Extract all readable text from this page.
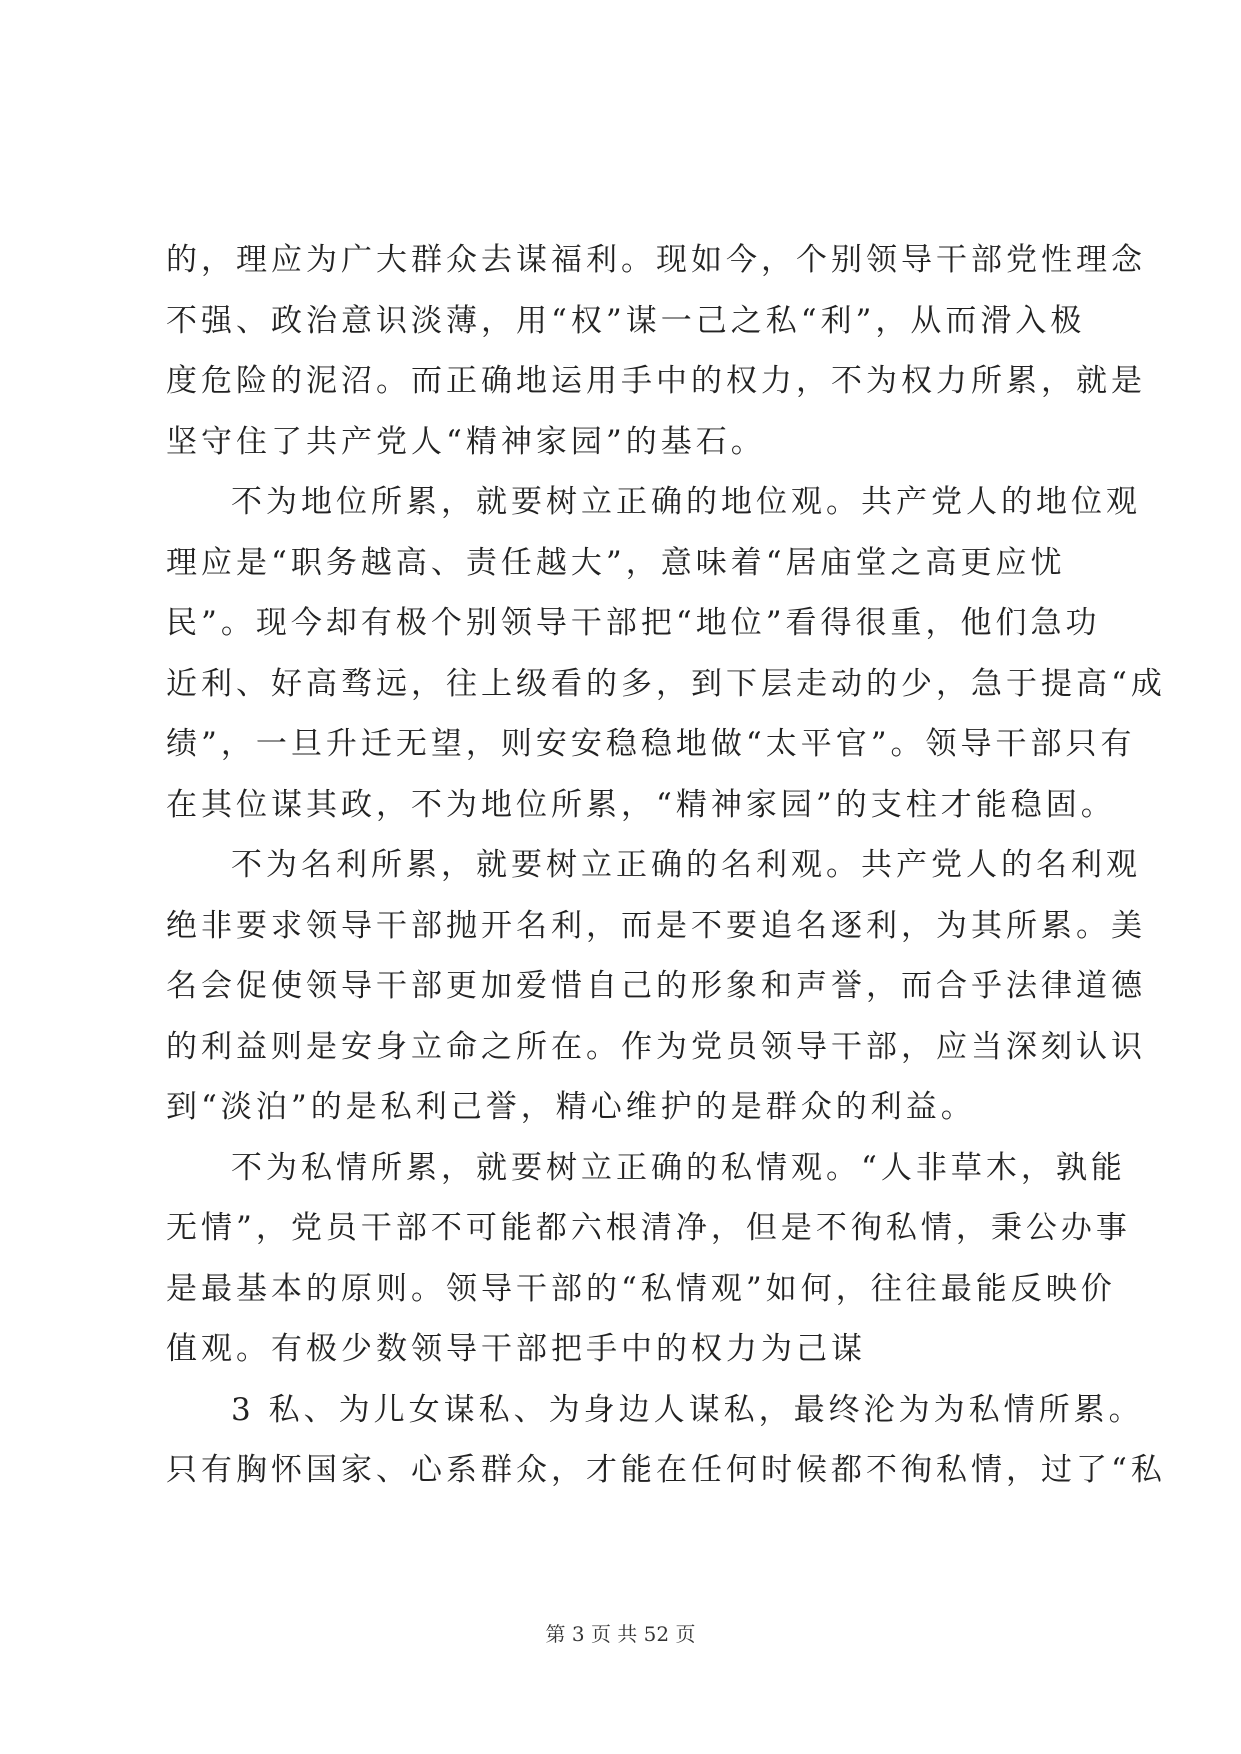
的，理应为广大群众去谋福利。现如今，个别领导干部党性理念
不强、政治意识淡薄，用“权”谋一己之私“利”，从而滑入极
度危险的泥沼。而正确地运用手中的权力，不为权力所累，就是
坚守住了共产党人“精神家园”的基石。
不为地位所累，就要树立正确的地位观。共产党人的地位观
理应是“职务越高、责任越大”，意味着“居庙堂之高更应忧
民”。现今却有极个别领导干部把“地位”看得很重，他们急功
近利、好高骛远，往上级看的多，到下层走动的少，急于提高“成
绩”，一旦升迁无望，则安安稳稳地做“太平官”。领导干部只有
在其位谋其政，不为地位所累，“精神家园”的支柱才能稳固。
不为名利所累，就要树立正确的名利观。共产党人的名利观
绝非要求领导干部抛开名利，而是不要追名逐利，为其所累。美
名会促使领导干部更加爱惜自己的形象和声誉，而合乎法律道德
的利益则是安身立命之所在。作为党员领导干部，应当深刻认识
到“淡泊”的是私利己誉，精心维护的是群众的利益。
不为私情所累，就要树立正确的私情观。“人非草木，孰能
无情”，党员干部不可能都六根清净，但是不徇私情，秉公办事
是最基本的原则。领导干部的“私情观”如何，往往最能反映价
值观。有极少数领导干部把手中的权力为己谋
3 私、为儿女谋私、为身边人谋私，最终沦为为私情所累。
只有胸怀国家、心系群众，才能在任何时候都不徇私情，过了“私
第 3 页 共 52 页
